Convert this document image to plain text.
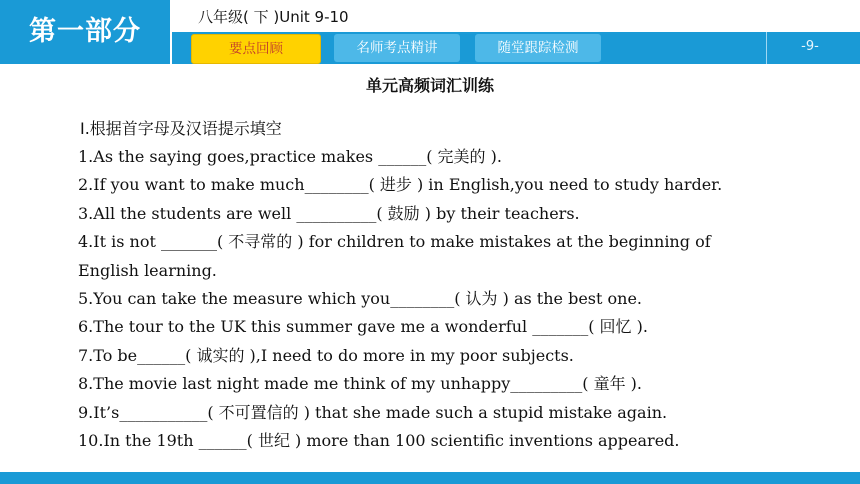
第一部分	八年级( 下 )Unit 9-10
要点回顾	名师考点精讲	随堂跟踪检测	-9-
单元高频词汇训练
Ⅰ.根据首字母及汉语提示填空
1.As the saying goes,practice makes ______( 完美的 ).
2.If you want to make much________( 进步 ) in English,you need to study harder.
3.All the students are well __________( 鼓励 ) by their teachers.
4.It is not _______( 不寻常的 ) for children to make mistakes at the beginning of
English learning.
5.You can take the measure which you________( 认为 ) as the best one.
6.The tour to the UK this summer gave me a wonderful _______( 回忆 ).
7.To be______( 诚实的 ),I need to do more in my poor subjects.
8.The movie last night made me think of my unhappy_________( 童年 ).
9.It’s___________( 不可置信的 ) that she made such a stupid mistake again.
10.In the 19th ______( 世纪 ) more than 100 scientific inventions appeared.
